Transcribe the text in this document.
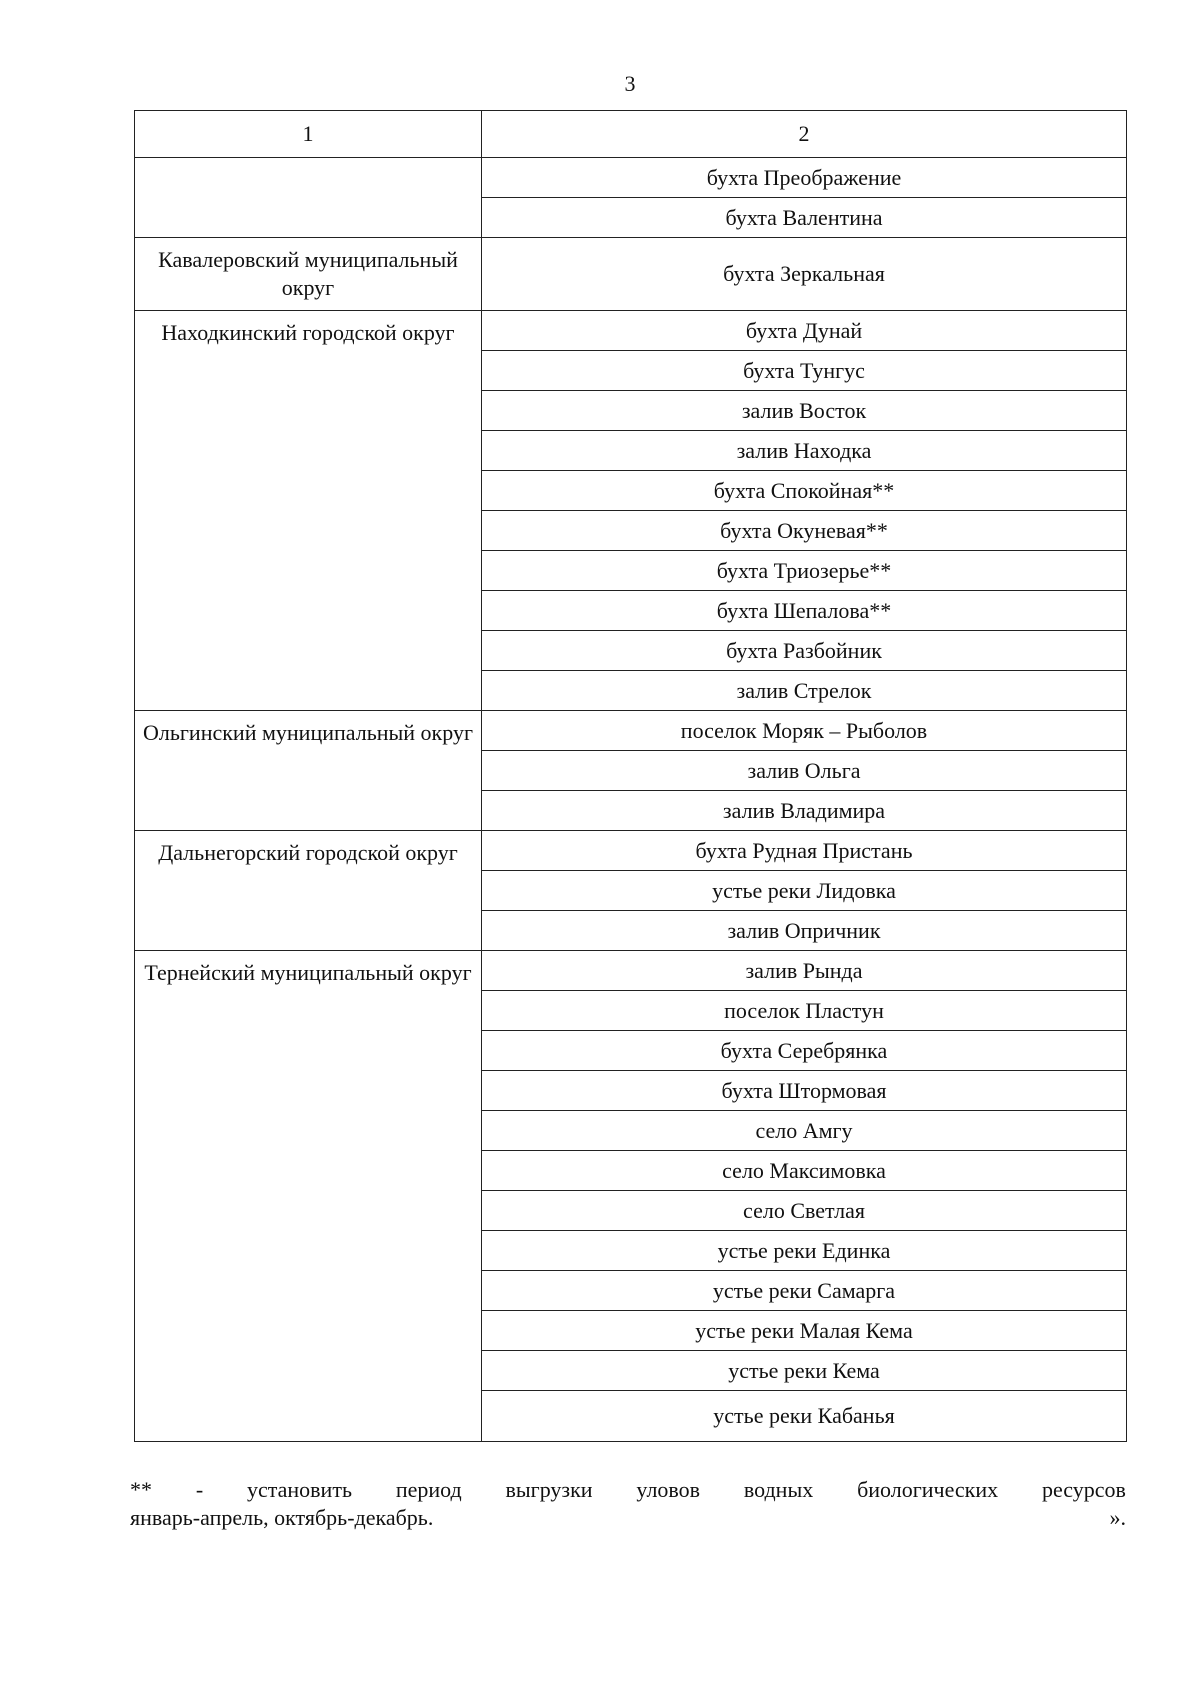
3
1	2
	бухта Преображение
	бухта Валентина
Кавалеровский муниципальный округ	бухта Зеркальная
Находкинский городской округ	бухта Дунай
	бухта Тунгус
	залив Восток
	залив Находка
	бухта Спокойная**
	бухта Окуневая**
	бухта Триозерье**
	бухта Шепалова**
	бухта Разбойник
	залив Стрелок
Ольгинский муниципальный округ	поселок Моряк – Рыболов
	залив Ольга
	залив Владимира
Дальнегорский городской округ	бухта Рудная Пристань
	устье реки Лидовка
	залив Опричник
Тернейский муниципальный округ	залив Рында
	поселок Пластун
	бухта Серебрянка
	бухта Штормовая
	село Амгу
	село Максимовка
	село Светлая
	устье реки Единка
	устье реки Самарга
	устье реки Малая Кема
	устье реки Кема
	устье реки Кабанья
** - установить период выгрузки уловов водных биологических ресурсов
январь-апрель, октябрь-декабрь.	».
